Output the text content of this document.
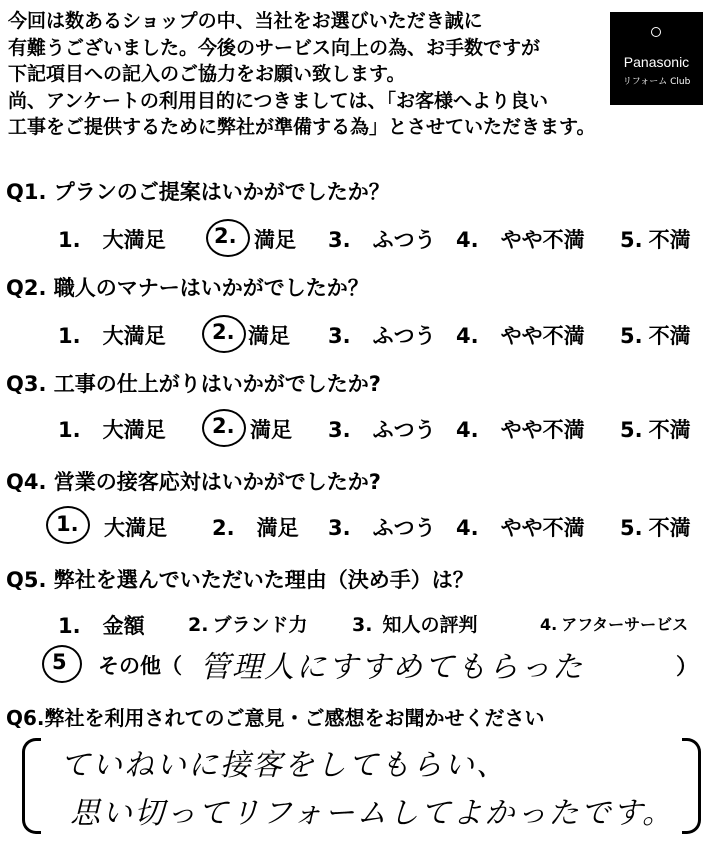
今回は数あるショップの中、当社をお選びいただき誠に
有難うございました。今後のサービス向上の為、お手数ですが
下記項目への記入のご協力をお願い致します。
尚、アンケートの利用目的につきましては、「お客様へより良い
工事をご提供するために弊社が準備する為」とさせていただきます。
Panasonic
リフォーム Club
Q1. プランのご提案はいかがでしたか？
1. 大満足	満足
2.	3. ふつう 4. やや不満 5. 不満
Q2. 職人のマナーはいかがでしたか？
1. 大満足	満足
2.	3. ふつう 4. やや不満 5. 不満
Q3. 工事の仕上がりはいかがでしたか?
1. 大満足	満足
2.	3. ふつう 4. やや不満 5. 不満
Q4. 営業の接客応対はいかがでしたか?
1. 大満足 2. 満足 3. ふつう 4. やや不満 5. 不満
Q5. 弊社を選んでいただいた理由（決め手）は？
1. 金額 2. ブランド力 3. 知人の評判	4. アフターサービス
5 その他（ 管理人にすすめてもらった	）
Q6.弊社を利用されてのご意見・ご感想をお聞かせください
ていねいに接客をしてもらい、
思い切ってリフォームしてよかったです。
